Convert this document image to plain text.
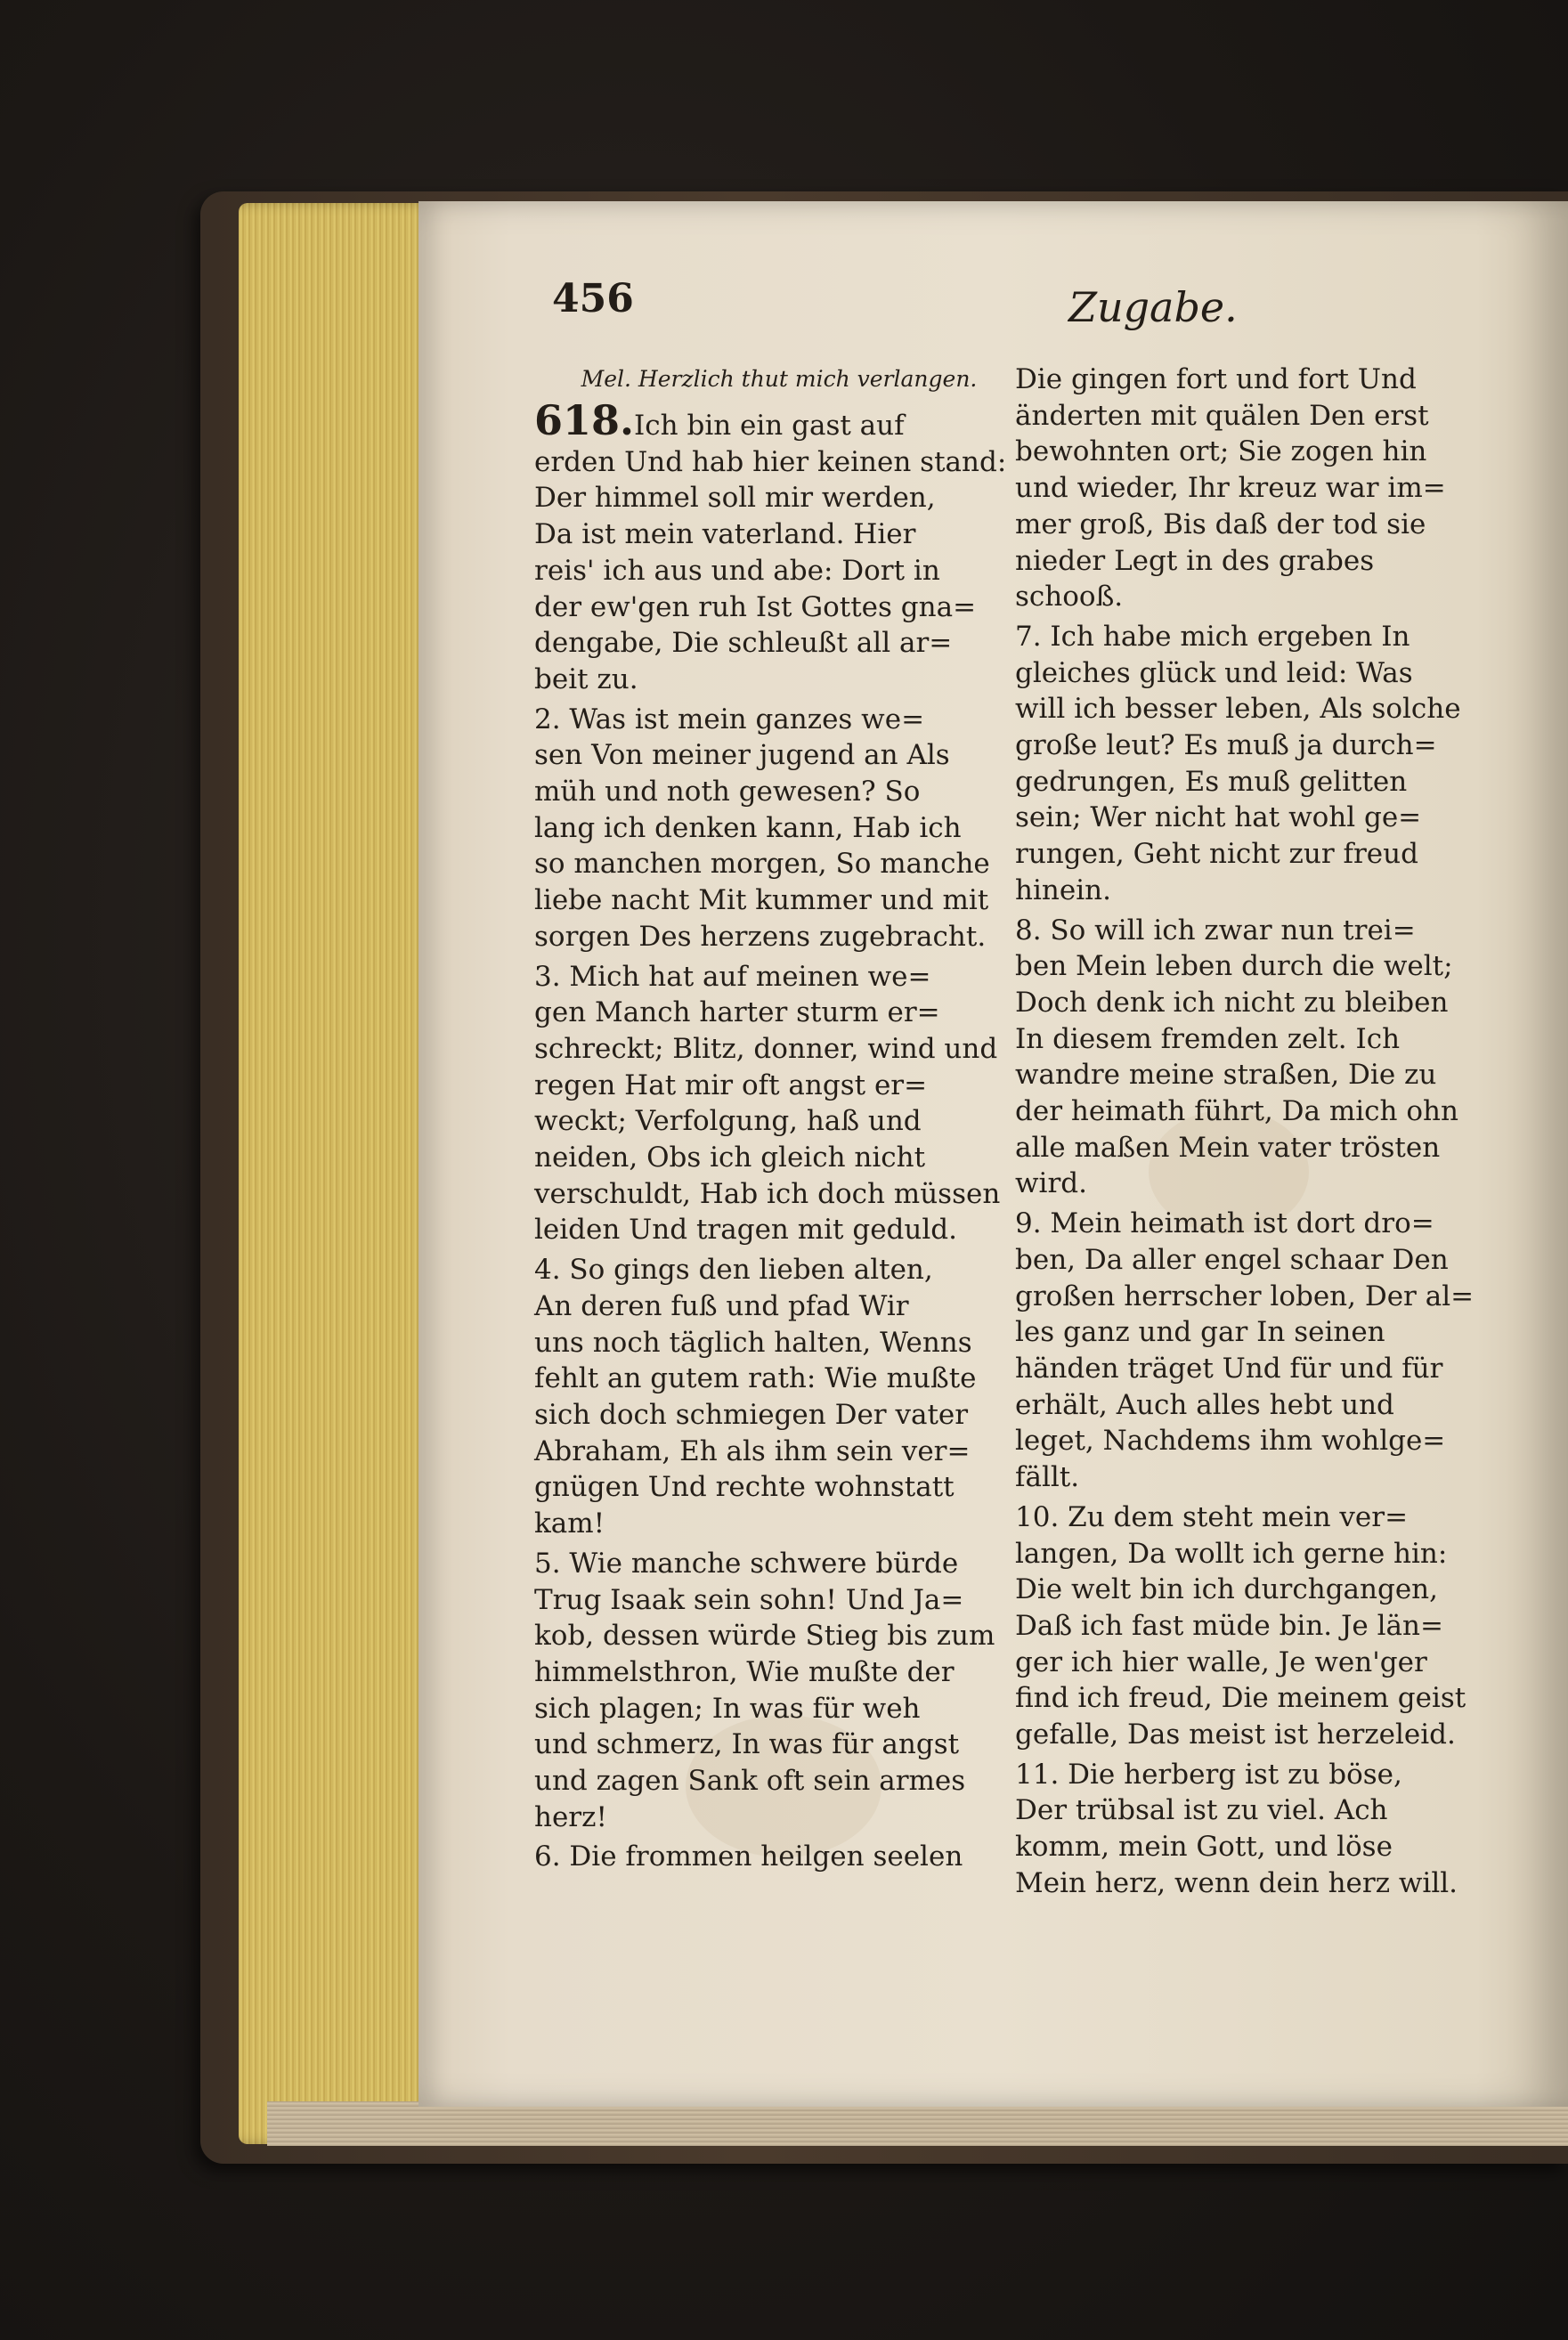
456	Zugabe.
Mel. Herzlich thut mich verlangen.
618.Ich bin ein gast auf
erden Und hab hier keinen stand:
Der himmel soll mir werden,
Da ist mein vaterland. Hier
reis' ich aus und abe: Dort in
der ew'gen ruh Ist Gottes gna=
dengabe, Die schleußt all ar=
beit zu.
2. Was ist mein ganzes we=
sen Von meiner jugend an Als
müh und noth gewesen? So
lang ich denken kann, Hab ich
so manchen morgen, So manche
liebe nacht Mit kummer und mit
sorgen Des herzens zugebracht.
3. Mich hat auf meinen we=
gen Manch harter sturm er=
schreckt; Blitz, donner, wind und
regen Hat mir oft angst er=
weckt; Verfolgung, haß und
neiden, Obs ich gleich nicht
verschuldt, Hab ich doch müssen
leiden Und tragen mit geduld.
4. So gings den lieben alten,
An deren fuß und pfad Wir
uns noch täglich halten, Wenns
fehlt an gutem rath: Wie mußte
sich doch schmiegen Der vater
Abraham, Eh als ihm sein ver=
gnügen Und rechte wohnstatt
kam!
5. Wie manche schwere bürde
Trug Isaak sein sohn! Und Ja=
kob, dessen würde Stieg bis zum
himmelsthron, Wie mußte der
sich plagen; In was für weh
und schmerz, In was für angst
und zagen Sank oft sein armes
herz!
6. Die frommen heilgen seelen
Die gingen fort und fort Und
änderten mit quälen Den erst
bewohnten ort; Sie zogen hin
und wieder, Ihr kreuz war im=
mer groß, Bis daß der tod sie
nieder Legt in des grabes
schooß.
7. Ich habe mich ergeben In
gleiches glück und leid: Was
will ich besser leben, Als solche
große leut? Es muß ja durch=
gedrungen, Es muß gelitten
sein; Wer nicht hat wohl ge=
rungen, Geht nicht zur freud
hinein.
8. So will ich zwar nun trei=
ben Mein leben durch die welt;
Doch denk ich nicht zu bleiben
In diesem fremden zelt. Ich
wandre meine straßen, Die zu
der heimath führt, Da mich ohn
alle maßen Mein vater trösten
wird.
9. Mein heimath ist dort dro=
ben, Da aller engel schaar Den
großen herrscher loben, Der al=
les ganz und gar In seinen
händen träget Und für und für
erhält, Auch alles hebt und
leget, Nachdems ihm wohlge=
fällt.
10. Zu dem steht mein ver=
langen, Da wollt ich gerne hin:
Die welt bin ich durchgangen,
Daß ich fast müde bin. Je län=
ger ich hier walle, Je wen'ger
find ich freud, Die meinem geist
gefalle, Das meist ist herzeleid.
11. Die herberg ist zu böse,
Der trübsal ist zu viel. Ach
komm, mein Gott, und löse
Mein herz, wenn dein herz will.
